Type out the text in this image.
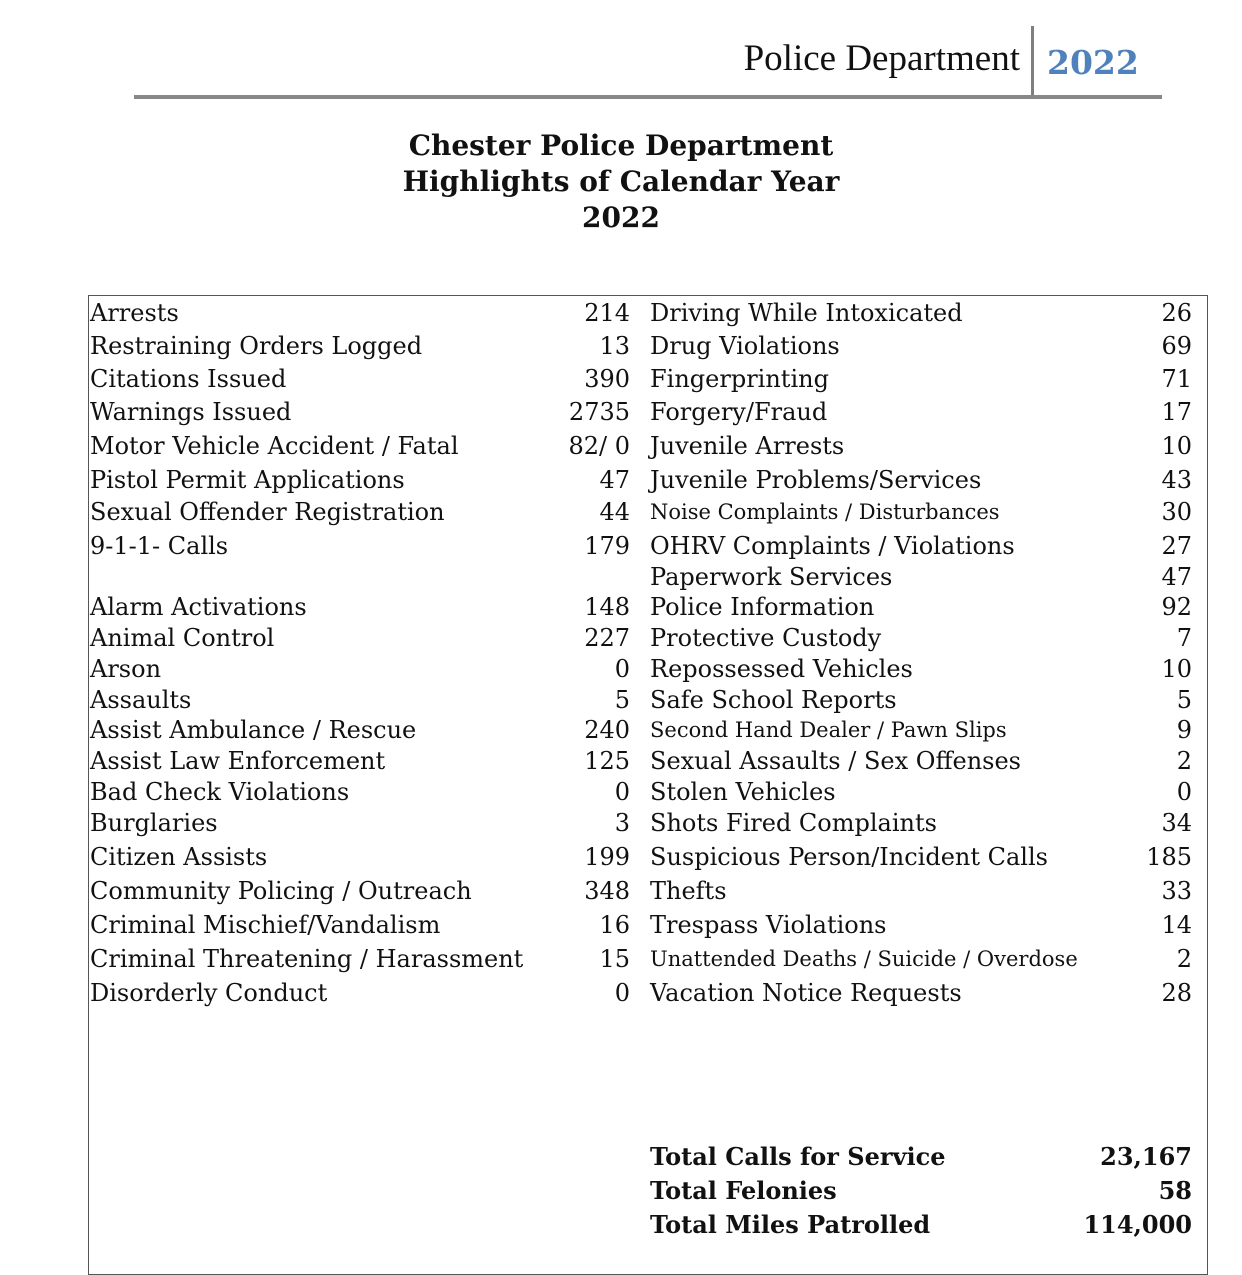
Police Department 2022
Chester Police Department
Highlights of Calendar Year
2022
Arrests	214 Driving While Intoxicated	26
Restraining Orders Logged	13 Drug Violations	69
Citations Issued	390 Fingerprinting	71
Warnings Issued	2735 Forgery/Fraud	17
Motor Vehicle Accident / Fatal	82/ 0 Juvenile Arrests	10
Pistol Permit Applications	47 Juvenile Problems/Services	43
Sexual Offender Registration	44 Noise Complaints / Disturbances	30
9-1-1- Calls	179 OHRV Complaints / Violations	27
Paperwork Services	47
Alarm Activations	148 Police Information	92
Animal Control	227 Protective Custody	7
Arson	0 Repossessed Vehicles	10
Assaults	5 Safe School Reports	5
Assist Ambulance / Rescue	240 Second Hand Dealer / Pawn Slips	9
Assist Law Enforcement	125 Sexual Assaults / Sex Offenses	2
Bad Check Violations	0 Stolen Vehicles	0
Burglaries	3 Shots Fired Complaints	34
Citizen Assists	199 Suspicious Person/Incident Calls	185
Community Policing / Outreach	348 Thefts	33
Criminal Mischief/Vandalism	16 Trespass Violations	14
Criminal Threatening / Harassment	15 Unattended Deaths / Suicide / Overdose	2
Disorderly Conduct	0 Vacation Notice Requests	28
Total Calls for Service	23,167
Total Felonies	58
Total Miles Patrolled	114,000
